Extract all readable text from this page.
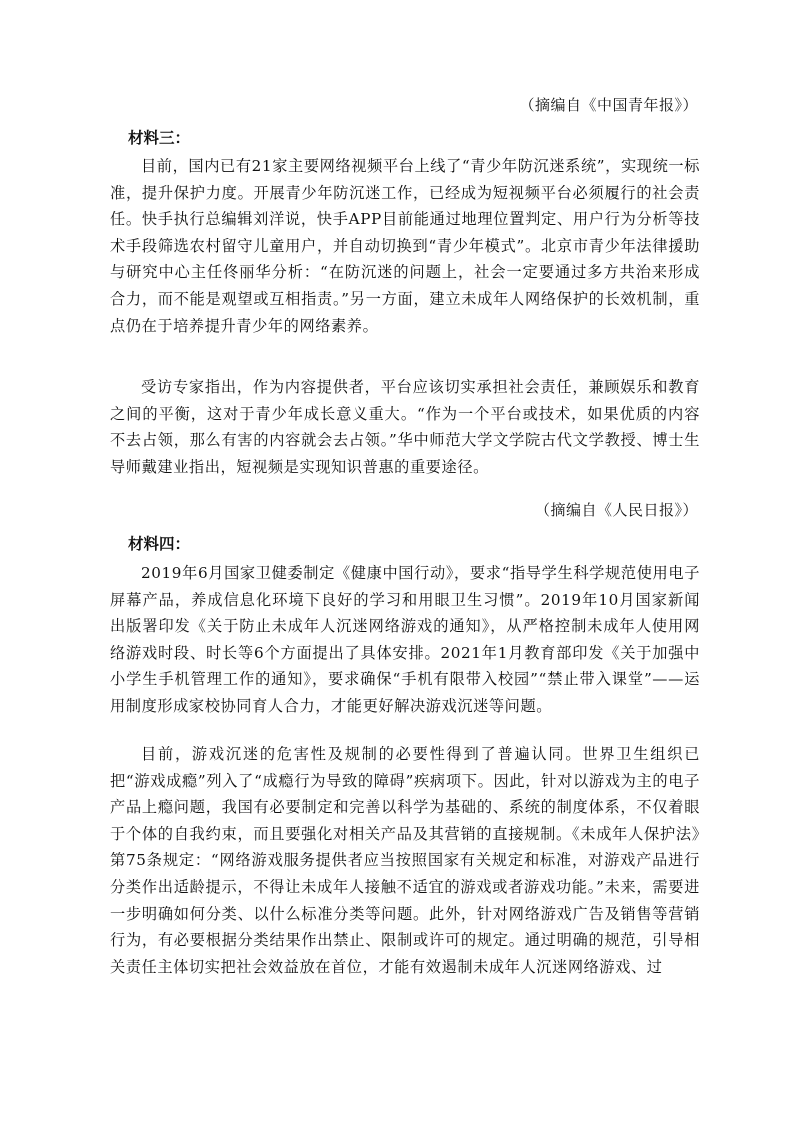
（摘编自《中国青年报》）
材料三：

目前，国内已有21家主要网络视频平台上线了“青少年防沉迷系统”，实现统一标准，提升保护力度。开展青少年防沉迷工作，已经成为短视频平台必须履行的社会责任。快手执行总编辑刘洋说，快手APP目前能通过地理位置判定、用户行为分析等技术手段筛选农村留守儿童用户，并自动切换到“青少年模式”。北京市青少年法律援助与研究中心主任佟丽华分析：“在防沉迷的问题上，社会一定要通过多方共治来形成合力，而不能是观望或互相指责。”另一方面，建立未成年人网络保护的长效机制，重点仍在于培养提升青少年的网络素养。

受访专家指出，作为内容提供者，平台应该切实承担社会责任，兼顾娱乐和教育之间的平衡，这对于青少年成长意义重大。“作为一个平台或技术，如果优质的内容不去占领，那么有害的内容就会去占领。”华中师范大学文学院古代文学教授、博士生导师戴建业指出，短视频是实现知识普惠的重要途径。

（摘编自《人民日报》）
材料四：

2019年6月国家卫健委制定《健康中国行动》，要求“指导学生科学规范使用电子屏幕产品，养成信息化环境下良好的学习和用眼卫生习惯”。2019年10月国家新闻出版署印发《关于防止未成年人沉迷网络游戏的通知》，从严格控制未成年人使用网络游戏时段、时长等6个方面提出了具体安排。2021年1月教育部印发《关于加强中小学生手机管理工作的通知》，要求确保“手机有限带入校园”“禁止带入课堂”——运用制度形成家校协同育人合力，才能更好解决游戏沉迷等问题。

目前，游戏沉迷的危害性及规制的必要性得到了普遍认同。世界卫生组织已把“游戏成瘾”列入了“成瘾行为导致的障碍”疾病项下。因此，针对以游戏为主的电子产品上瘾问题，我国有必要制定和完善以科学为基础的、系统的制度体系，不仅着眼于个体的自我约束，而且要强化对相关产品及其营销的直接规制。《未成年人保护法》第75条规定：“网络游戏服务提供者应当按照国家有关规定和标准，对游戏产品进行分类作出适龄提示，不得让未成年人接触不适宜的游戏或者游戏功能。”未来，需要进一步明确如何分类、以什么标准分类等问题。此外，针对网络游戏广告及销售等营销行为，有必要根据分类结果作出禁止、限制或许可的规定。通过明确的规范，引导相关责任主体切实把社会效益放在首位，才能有效遏制未成年人沉迷网络游戏、过
